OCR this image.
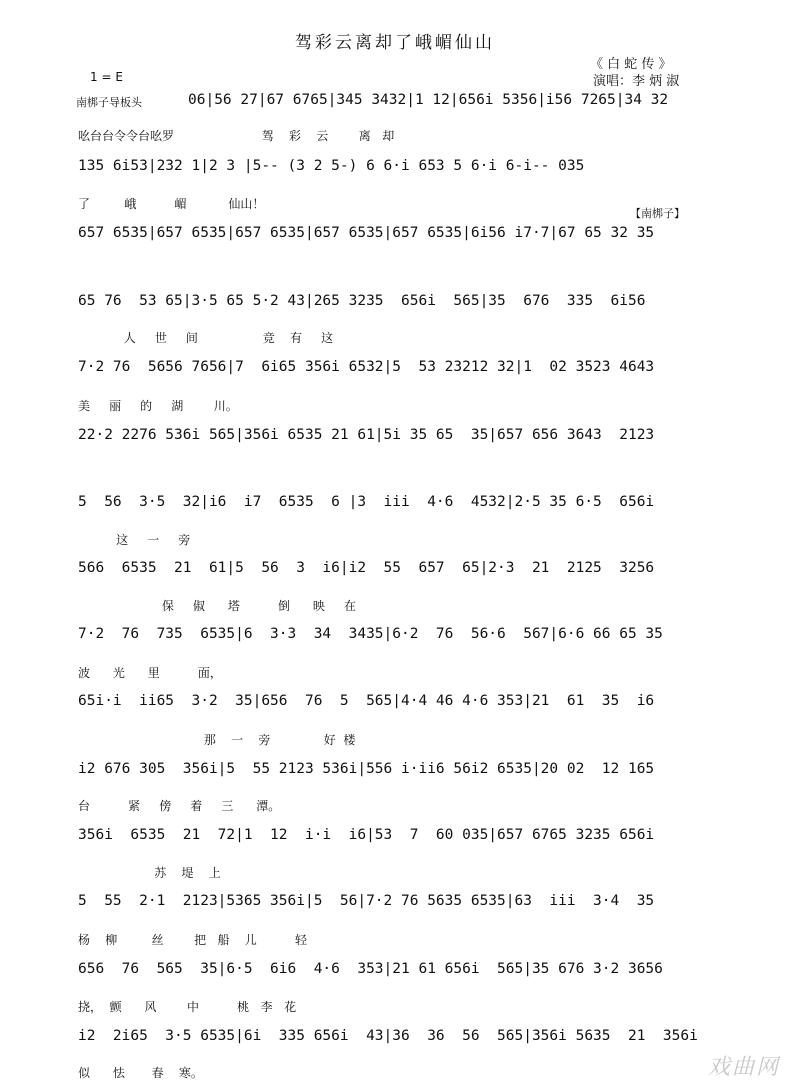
驾彩云离却了峨嵋仙山
《 白 蛇 传 》
演唱：李 炳 淑
1 = E
南梆子导板头
【南梆子】
06|56 27|67 6765|345 3432|1 12|656i 5356|i56 7265|34 32
吆台台令令台吆罗                       驾    彩    云        离   却
135 6i53|232 1|2 3 |5-- (3 2 5-) 6 6·i 653 5 6·i 6-i-- 035
了         峨          嵋           仙山！
657 6535|657 6535|657 6535|657 6535|657 6535|6i56 i7·7|67 65 32 35
65 76  53 65|3·5 65 5·2 43|265 3235  656i  565|35  676  335  6i56
人     世     间                 竞    有     这
7·2 76  5656 7656|7  6i65 356i 6532|5  53 23212 32|1  02 3523 4643
美     丽     的     湖        川。
22·2 2276 536i 565|356i 6535 21 61|5i 35 65  35|657 656 3643  2123
5  56  3·5  32|i6  i7  6535  6 |3  iii  4·6  4532|2·5 35 6·5  656i
这     一     旁
566  6535  21  61|5  56  3  i6|i2  55  657  65|2·3  21  2125  3256
保     俶      塔          倒      映     在
7·2  76  735  6535|6  3·3  34  3435|6·2  76  56·6  567|6·6 66 65 35
波      光      里          面，
65i·i  ii65  3·2  35|656  76  5  565|4·4 46 4·6 353|21  61  35  i6
那    一    旁              好  楼
i2 676 305  356i|5  55 2123 536i|556 i·ii6 56i2 6535|20 02  12 165
台          紧     傍     着     三      潭。
356i  6535  21  72|1  12  i·i  i6|53  7  60 035|657 6765 3235 656i
苏    堤    上
5  55  2·1  2123|5365 356i|5  56|7·2 76 5635 6535|63  iii  3·4  35
杨    柳         丝        把   船    儿          轻
656  76  565  35|6·5  6i6  4·6  353|21 61 656i  565|35 676 3·2 3656
挠，  颤      风        中          桃   李   花
i2  2i65  3·5 6535|6i  335 656i  43|36  36  56  565|356i 5635  21  356i
似      怯       春    寒。	戏曲网
